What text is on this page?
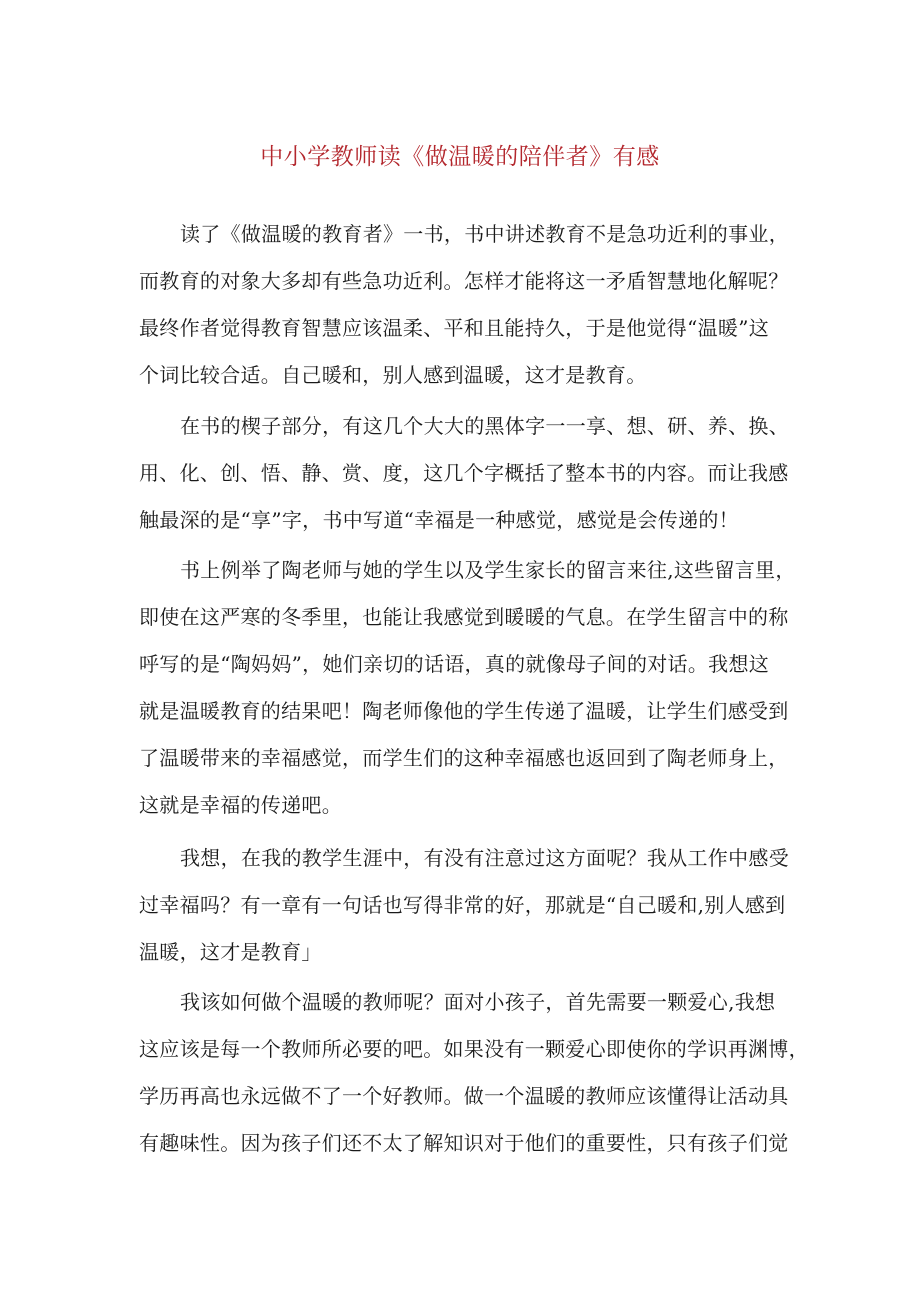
中小学教师读《做温暖的陪伴者》有感
读了《做温暖的教育者》一书，书中讲述教育不是急功近利的事业，
而教育的对象大多却有些急功近利。怎样才能将这一矛盾智慧地化解呢？
最终作者觉得教育智慧应该温柔、平和且能持久，于是他觉得“温暖”这
个词比较合适。自己暖和，别人感到温暖，这才是教育。
在书的楔子部分，有这几个大大的黑体字一一享、想、研、养、换、
用、化、创、悟、静、赏、度，这几个字概括了整本书的内容。而让我感
触最深的是“享”字，书中写道“幸福是一种感觉，感觉是会传递的！
书上例举了陶老师与她的学生以及学生家长的留言来往,这些留言里，
即使在这严寒的冬季里，也能让我感觉到暖暖的气息。在学生留言中的称
呼写的是“陶妈妈”，她们亲切的话语，真的就像母子间的对话。我想这
就是温暖教育的结果吧！陶老师像他的学生传递了温暖，让学生们感受到
了温暖带来的幸福感觉，而学生们的这种幸福感也返回到了陶老师身上，
这就是幸福的传递吧。
我想，在我的教学生涯中，有没有注意过这方面呢？我从工作中感受
过幸福吗？有一章有一句话也写得非常的好，那就是“自己暖和,别人感到
温暖，这才是教育」
我该如何做个温暖的教师呢？面对小孩子，首先需要一颗爱心,我想
这应该是每一个教师所必要的吧。如果没有一颗爱心即使你的学识再渊博，
学历再高也永远做不了一个好教师。做一个温暖的教师应该懂得让活动具
有趣味性。因为孩子们还不太了解知识对于他们的重要性，只有孩子们觉
